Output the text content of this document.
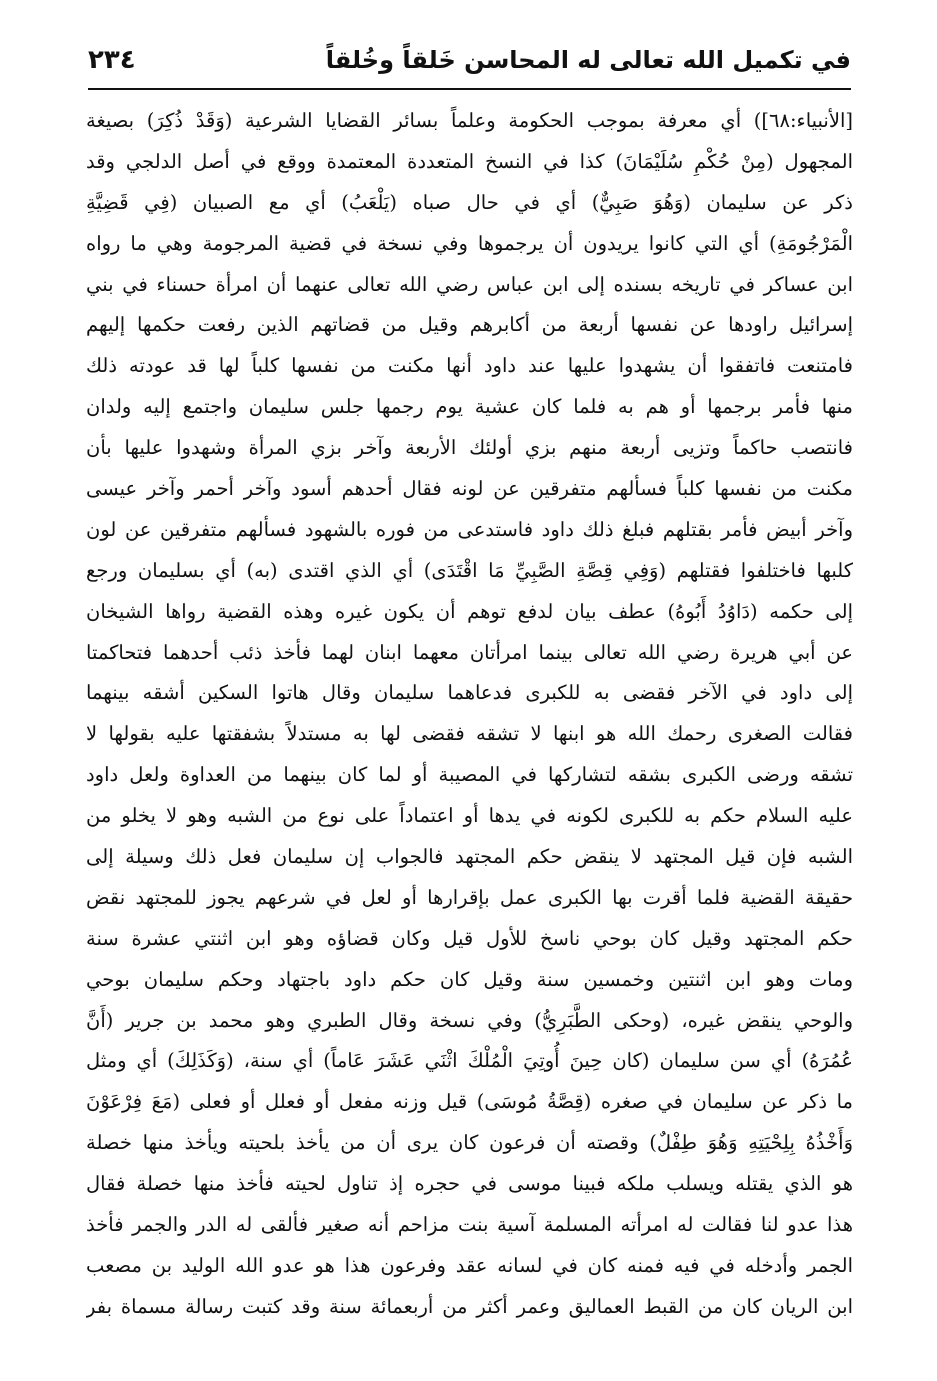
في تكميل الله تعالى له المحاسن خَلقاً وخُلقاً
٢٣٤
[الأنبياء:٦٨]) أي معرفة بموجب الحكومة وعلماً بسائر القضايا الشرعية (وَقَدْ ذُكِرَ) بصيغة
المجهول (مِنْ حُكْمِ سُلَيْمَانَ) كذا في النسخ المتعددة المعتمدة ووقع في أصل الدلجي وقد
ذكر عن سليمان (وَهُوَ صَبِيٌّ) أي في حال صباه (يَلْعَبُ) أي مع الصبيان (فِي قَضِيَّةِ
الْمَرْجُومَةِ) أي التي كانوا يريدون أن يرجموها وفي نسخة في قضية المرجومة وهي ما رواه
ابن عساكر في تاريخه بسنده إلى ابن عباس رضي الله تعالى عنهما أن امرأة حسناء في بني
إسرائيل راودها عن نفسها أربعة من أكابرهم وقيل من قضاتهم الذين رفعت حكمها إليهم
فامتنعت فاتفقوا أن يشهدوا عليها عند داود أنها مكنت من نفسها كلباً لها قد عودته ذلك
منها فأمر برجمها أو هم به فلما كان عشية يوم رجمها جلس سليمان واجتمع إليه ولدان
فانتصب حاكماً وتزيى أربعة منهم بزي أولئك الأربعة وآخر بزي المرأة وشهدوا عليها بأن
مكنت من نفسها كلباً فسألهم متفرقين عن لونه فقال أحدهم أسود وآخر أحمر وآخر عيسى
وآخر أبيض فأمر بقتلهم فبلغ ذلك داود فاستدعى من فوره بالشهود فسألهم متفرقين عن لون
كلبها فاختلفوا فقتلهم (وَفِي قِصَّةِ الصَّبِيِّ مَا اقْتَدَى) أي الذي اقتدى (به) أي بسليمان ورجع
إلى حكمه (دَاوُدُ أَبُوهُ) عطف بيان لدفع توهم أن يكون غيره وهذه القضية رواها الشيخان
عن أبي هريرة رضي الله تعالى بينما امرأتان معهما ابنان لهما فأخذ ذئب أحدهما فتحاكمتا
إلى داود في الآخر فقضى به للكبرى فدعاهما سليمان وقال هاتوا السكين أشقه بينهما
فقالت الصغرى رحمك الله هو ابنها لا تشقه فقضى لها به مستدلاً بشفقتها عليه بقولها لا
تشقه ورضى الكبرى بشقه لتشاركها في المصيبة أو لما كان بينهما من العداوة ولعل داود
عليه السلام حكم به للكبرى لكونه في يدها أو اعتماداً على نوع من الشبه وهو لا يخلو من
الشبه فإن قيل المجتهد لا ينقض حكم المجتهد فالجواب إن سليمان فعل ذلك وسيلة إلى
حقيقة القضية فلما أقرت بها الكبرى عمل بإقرارها أو لعل في شرعهم يجوز للمجتهد نقض
حكم المجتهد وقيل كان بوحي ناسخ للأول قيل وكان قضاؤه وهو ابن اثنتي عشرة سنة
ومات وهو ابن اثنتين وخمسين سنة وقيل كان حكم داود باجتهاد وحكم سليمان بوحي
والوحي ينقض غيره، (وحكى الطَّبَرِيُّ) وفي نسخة وقال الطبري وهو محمد بن جرير (أَنَّ
عُمُرَهُ) أي سن سليمان (كان حِينَ أُوتِيَ الْمُلْكَ اثْنَي عَشَرَ عَاماً) أي سنة، (وَكَذَلِكَ) أي ومثل
ما ذكر عن سليمان في صغره (قِصَّةُ مُوسَى) قيل وزنه مفعل أو فعلل أو فعلى (مَعَ فِرْعَوْنَ
وَأَخْذُهُ بِلِحْيَتِهِ وَهُوَ طِفْلٌ) وقصته أن فرعون كان يرى أن من يأخذ بلحيته ويأخذ منها خصلة
هو الذي يقتله ويسلب ملكه فبينا موسى في حجره إذ تناول لحيته فأخذ منها خصلة فقال
هذا عدو لنا فقالت له امرأته المسلمة آسية بنت مزاحم أنه صغير فألقى له الدر والجمر فأخذ
الجمر وأدخله في فيه فمنه كان في لسانه عقد وفرعون هذا هو عدو الله الوليد بن مصعب
ابن الريان كان من القبط العماليق وعمر أكثر من أربعمائة سنة وقد كتبت رسالة مسماة بفر
